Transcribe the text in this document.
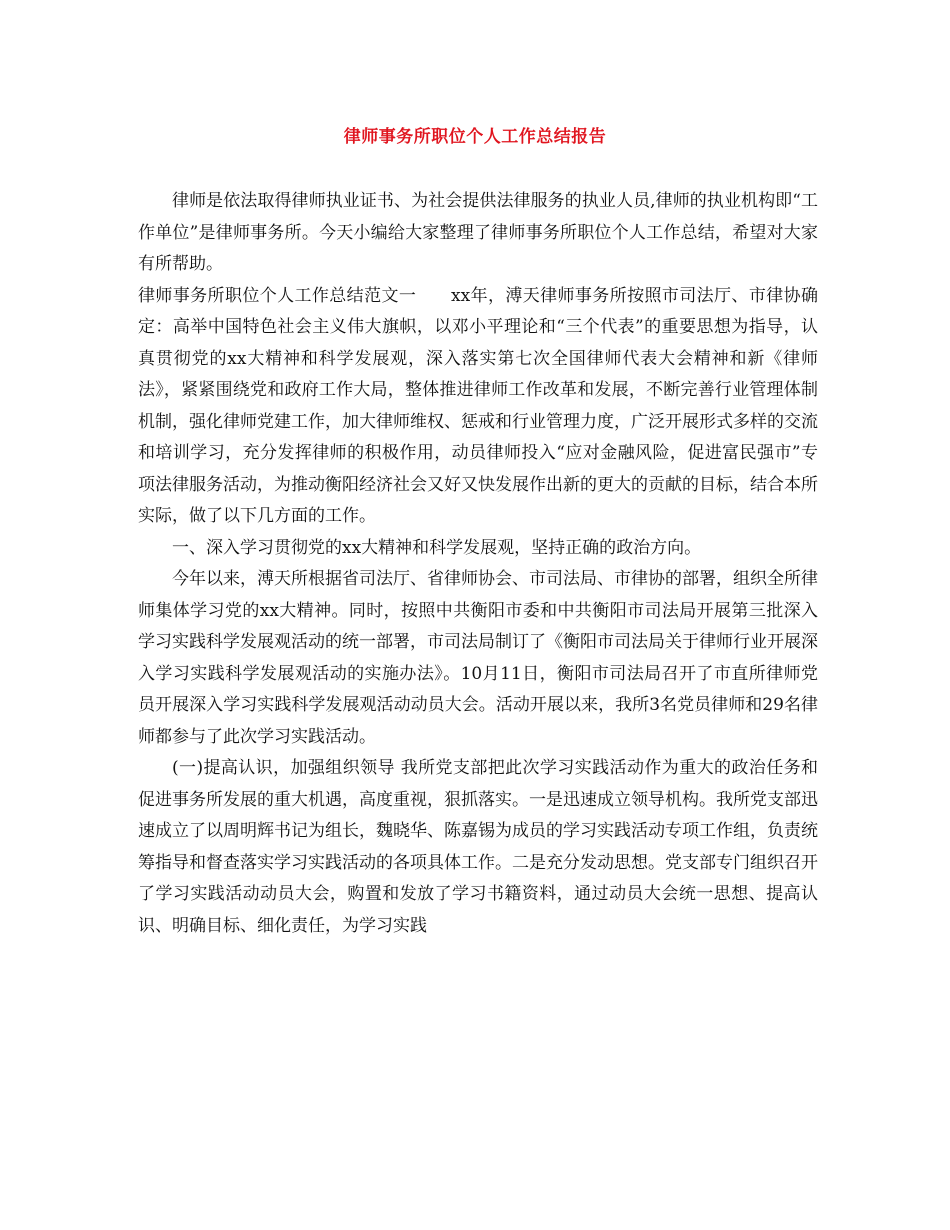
律师事务所职位个人工作总结报告

律师是依法取得律师执业证书、为社会提供法律服务的执业人员,律师的执业机构即“工作单位”是律师事务所。今天小编给大家整理了律师事务所职位个人工作总结，希望对大家有所帮助。

律师事务所职位个人工作总结范文一　　xx年，溥天律师事务所按照市司法厅、市律协确定：高举中国特色社会主义伟大旗帜，以邓小平理论和“三个代表”的重要思想为指导，认真贯彻党的xx大精神和科学发展观，深入落实第七次全国律师代表大会精神和新《律师法》，紧紧围绕党和政府工作大局，整体推进律师工作改革和发展，不断完善行业管理体制机制，强化律师党建工作，加大律师维权、惩戒和行业管理力度，广泛开展形式多样的交流和培训学习，充分发挥律师的积极作用，动员律师投入“应对金融风险，促进富民强市”专项法律服务活动，为推动衡阳经济社会又好又快发展作出新的更大的贡献的目标，结合本所实际，做了以下几方面的工作。

一、深入学习贯彻党的xx大精神和科学发展观，坚持正确的政治方向。

今年以来，溥天所根据省司法厅、省律师协会、市司法局、市律协的部署，组织全所律师集体学习党的xx大精神。同时，按照中共衡阳市委和中共衡阳市司法局开展第三批深入学习实践科学发展观活动的统一部署，市司法局制订了《衡阳市司法局关于律师行业开展深入学习实践科学发展观活动的实施办法》。10月11日，衡阳市司法局召开了市直所律师党员开展深入学习实践科学发展观活动动员大会。活动开展以来，我所3名党员律师和29名律师都参与了此次学习实践活动。

(一)提高认识，加强组织领导 我所党支部把此次学习实践活动作为重大的政治任务和促进事务所发展的重大机遇，高度重视，狠抓落实。一是迅速成立领导机构。我所党支部迅速成立了以周明辉书记为组长，魏晓华、陈嘉锡为成员的学习实践活动专项工作组，负责统筹指导和督查落实学习实践活动的各项具体工作。二是充分发动思想。党支部专门组织召开了学习实践活动动员大会，购置和发放了学习书籍资料，通过动员大会统一思想、提高认识、明确目标、细化责任，为学习实践
